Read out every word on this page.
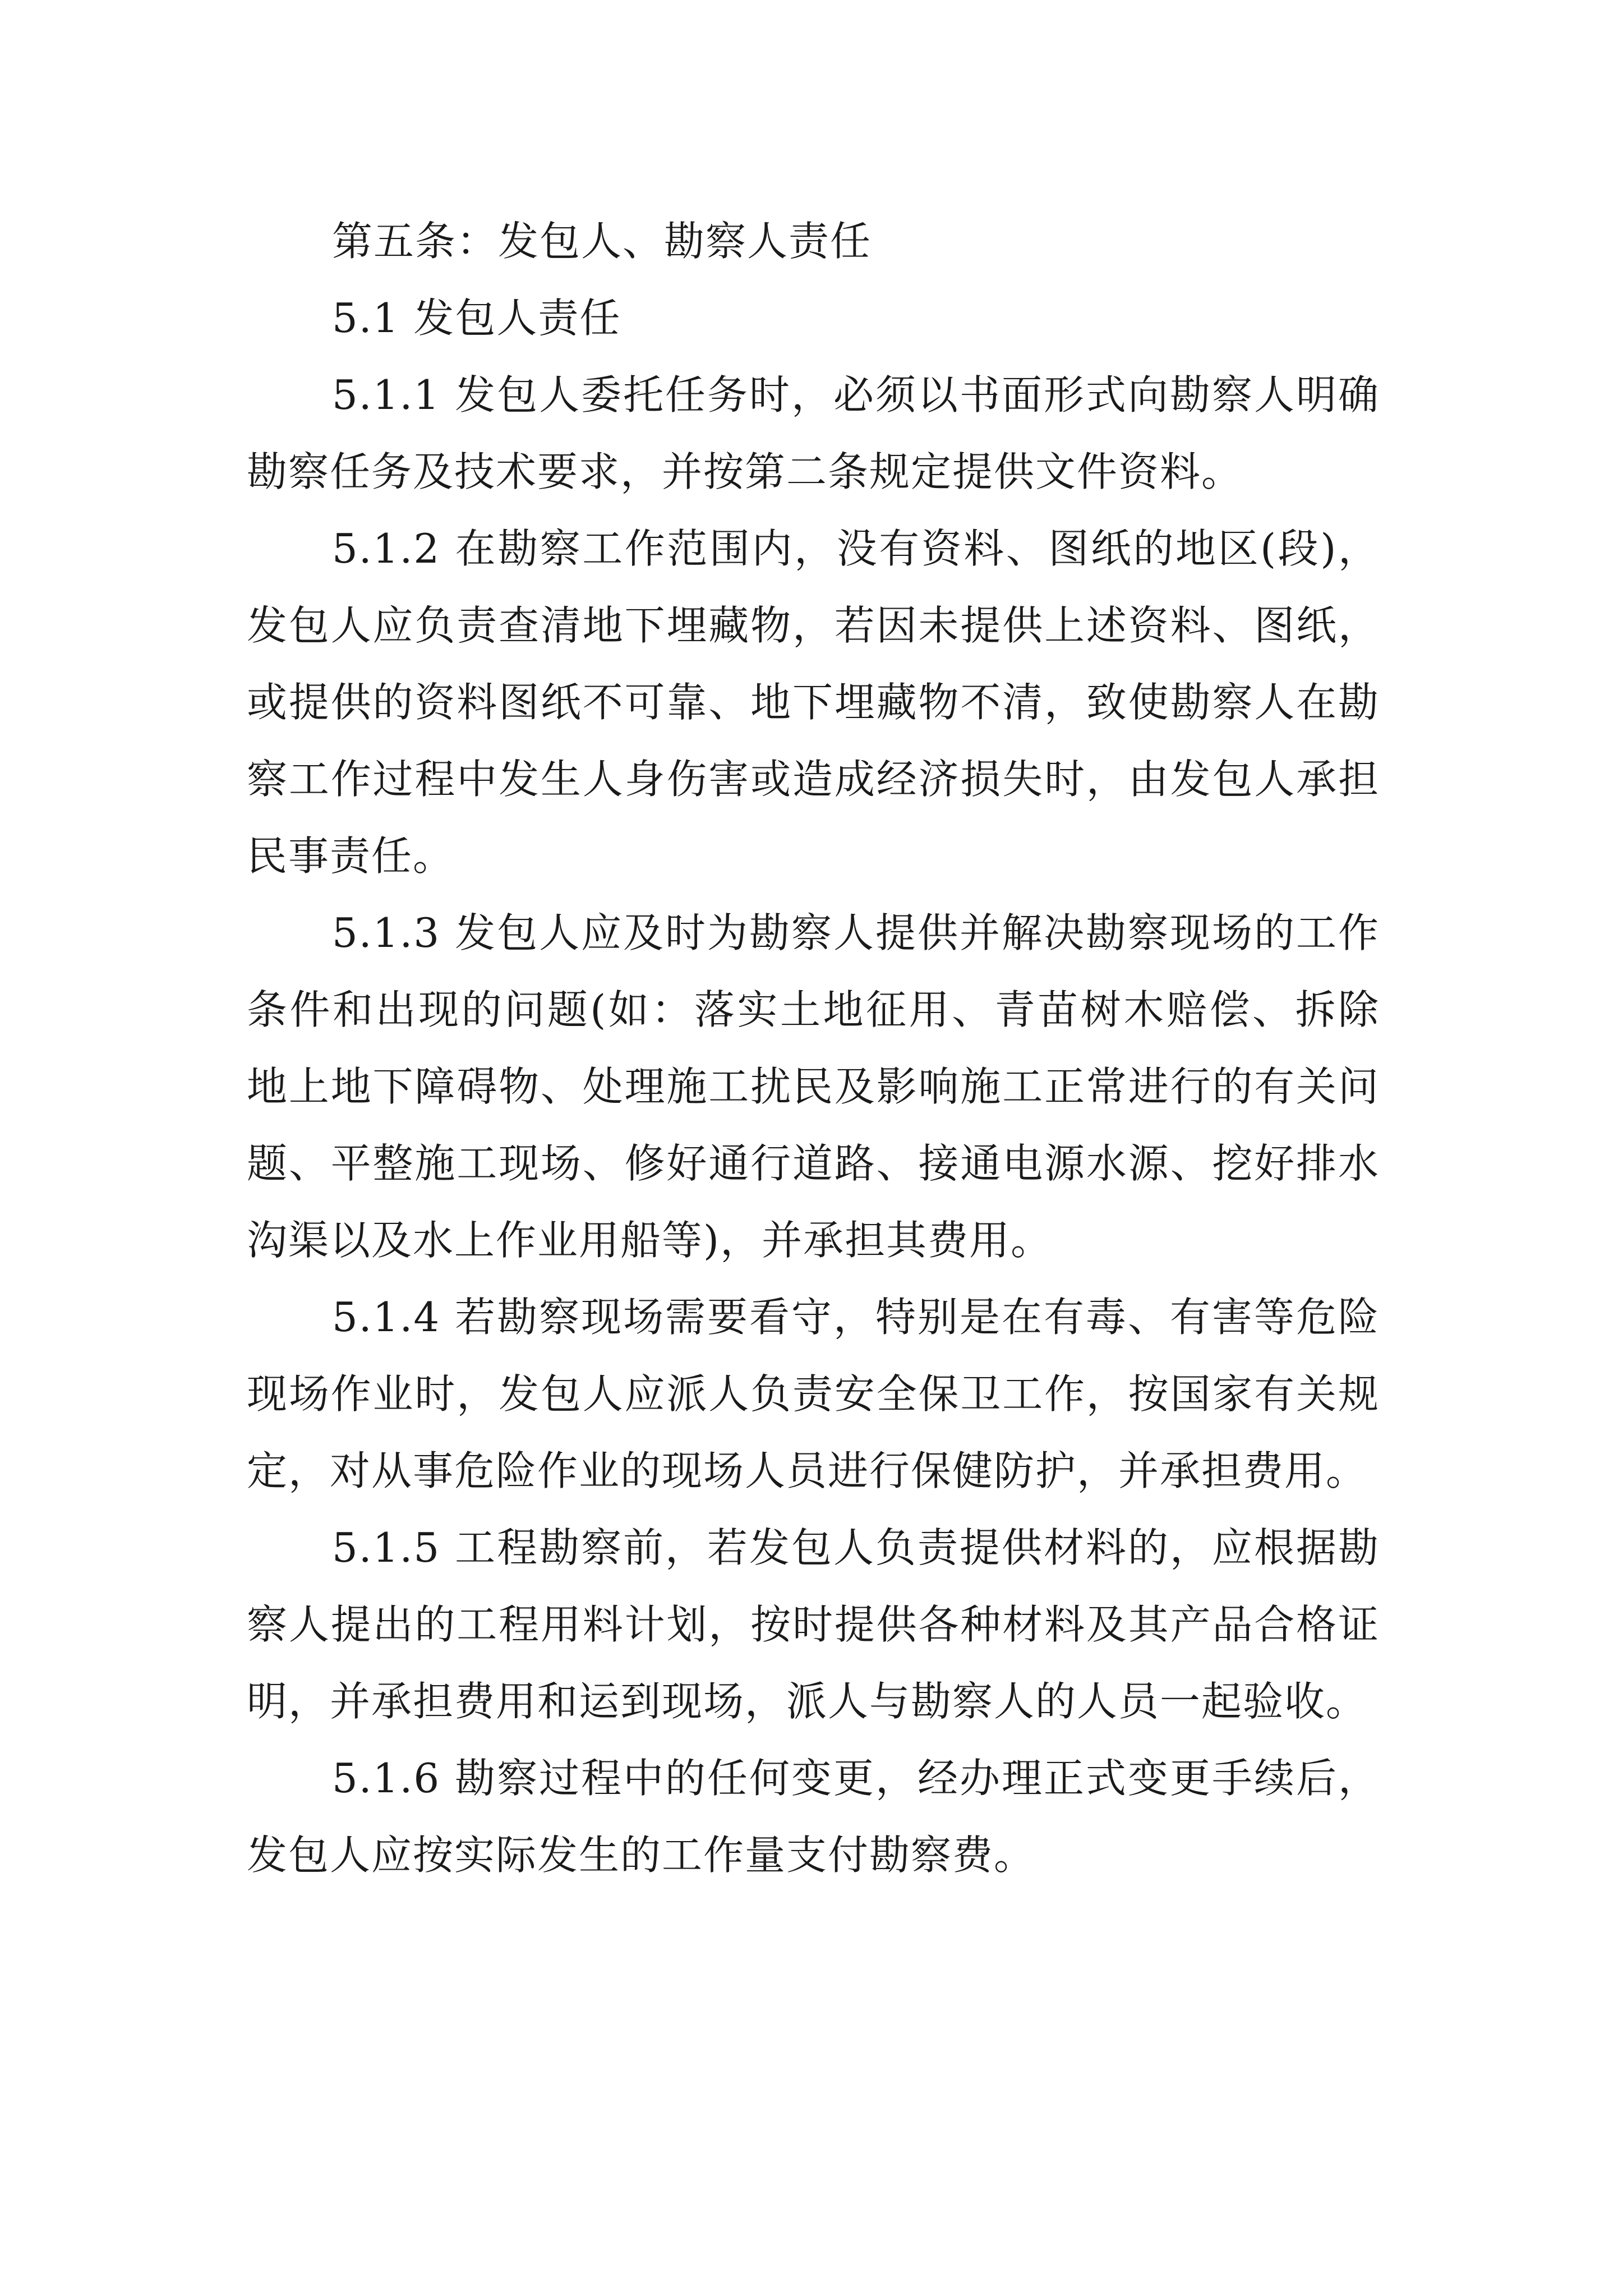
第五条：发包人、勘察人责任

5.1 发包人责任

5.1.1 发包人委托任务时，必须以书面形式向勘察人明确勘察任务及技术要求，并按第二条规定提供文件资料。

5.1.2 在勘察工作范围内，没有资料、图纸的地区(段)，发包人应负责查清地下埋藏物，若因未提供上述资料、图纸，或提供的资料图纸不可靠、地下埋藏物不清，致使勘察人在勘察工作过程中发生人身伤害或造成经济损失时，由发包人承担民事责任。

5.1.3 发包人应及时为勘察人提供并解决勘察现场的工作条件和出现的问题(如：落实土地征用、青苗树木赔偿、拆除地上地下障碍物、处理施工扰民及影响施工正常进行的有关问题、平整施工现场、修好通行道路、接通电源水源、挖好排水沟渠以及水上作业用船等)，并承担其费用。

5.1.4 若勘察现场需要看守，特别是在有毒、有害等危险现场作业时，发包人应派人负责安全保卫工作，按国家有关规定，对从事危险作业的现场人员进行保健防护，并承担费用。

5.1.5 工程勘察前，若发包人负责提供材料的，应根据勘察人提出的工程用料计划，按时提供各种材料及其产品合格证明，并承担费用和运到现场，派人与勘察人的人员一起验收。

5.1.6 勘察过程中的任何变更，经办理正式变更手续后，发包人应按实际发生的工作量支付勘察费。
